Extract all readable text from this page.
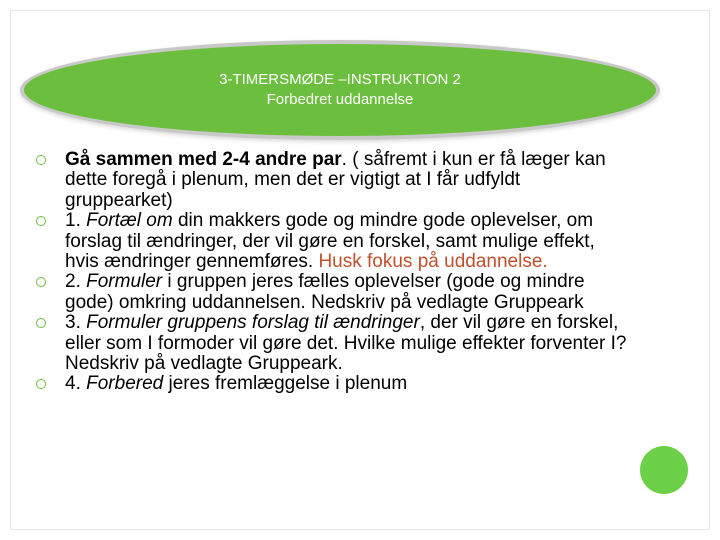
3-TIMERSMØDE –INSTRUKTION 2
Forbedret uddannelse
Gå sammen med 2-4 andre par. ( såfremt i kun er få læger kan dette foregå i plenum, men det er vigtigt at I får udfyldt gruppearket)
1. Fortæl om din makkers gode og mindre gode oplevelser, om forslag til ændringer, der vil gøre en forskel, samt mulige effekt, hvis ændringer gennemføres. Husk fokus på uddannelse.
2. Formuler i gruppen jeres fælles oplevelser (gode og mindre gode) omkring uddannelsen. Nedskriv på vedlagte Gruppeark
3. Formuler gruppens forslag til ændringer, der vil gøre en forskel, eller som I formoder vil gøre det. Hvilke mulige effekter forventer I? Nedskriv på vedlagte Gruppeark.
4. Forbered jeres fremlæggelse i plenum
